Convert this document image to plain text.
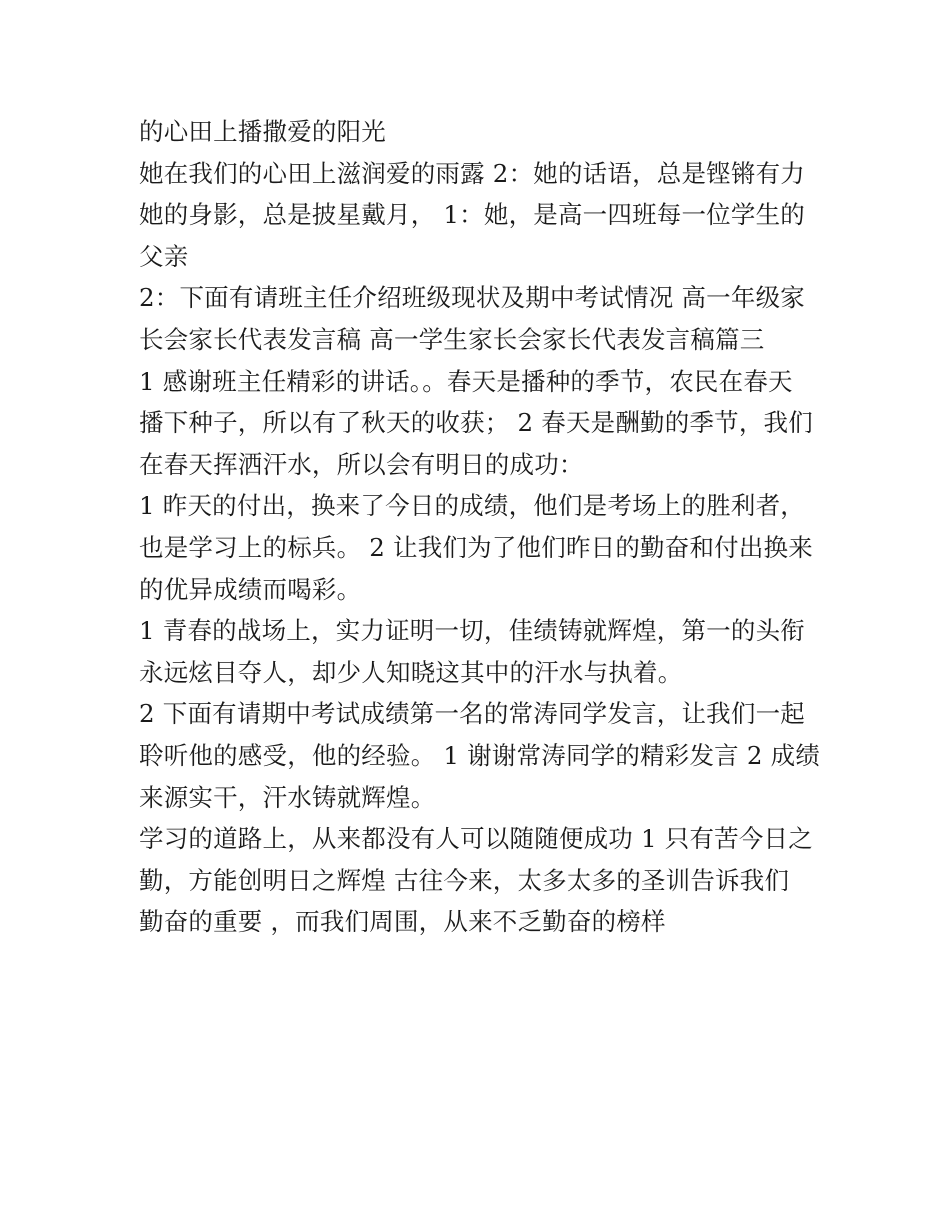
的心田上播撒爱的阳光
她在我们的心田上滋润爱的雨露 2：她的话语，总是铿锵有力
她的身影，总是披星戴月， 1：她，是高一四班每一位学生的
父亲
2：下面有请班主任介绍班级现状及期中考试情况 高一年级家
长会家长代表发言稿 高一学生家长会家长代表发言稿篇三
1 感谢班主任精彩的讲话。。春天是播种的季节，农民在春天
播下种子，所以有了秋天的收获； 2 春天是酬勤的季节，我们
在春天挥洒汗水，所以会有明日的成功：
1 昨天的付出，换来了今日的成绩，他们是考场上的胜利者，
也是学习上的标兵。 2 让我们为了他们昨日的勤奋和付出换来
的优异成绩而喝彩。
1 青春的战场上，实力证明一切，佳绩铸就辉煌，第一的头衔
永远炫目夺人，却少人知晓这其中的汗水与执着。
2 下面有请期中考试成绩第一名的常涛同学发言，让我们一起
聆听他的感受，他的经验。 1 谢谢常涛同学的精彩发言 2 成绩
来源实干，汗水铸就辉煌。
学习的道路上，从来都没有人可以随随便成功 1 只有苦今日之
勤，方能创明日之辉煌 古往今来，太多太多的圣训告诉我们
勤奋的重要 ，而我们周围，从来不乏勤奋的榜样
